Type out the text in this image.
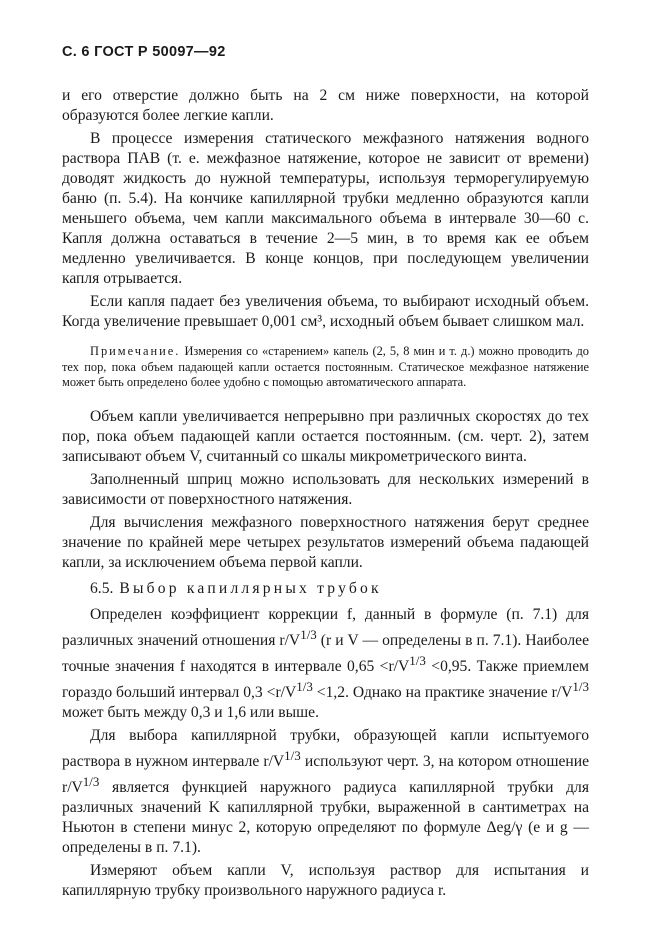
С. 6 ГОСТ Р 50097—92

и его отверстие должно быть на 2 см ниже поверхности, на которой образуются более легкие капли.

В процессе измерения статического межфазного натяжения водного раствора ПАВ (т. е. межфазное натяжение, которое не зависит от времени) доводят жидкость до нужной температуры, используя терморегулируемую баню (п. 5.4). На кончике капиллярной трубки медленно образуются капли меньшего объема, чем капли максимального объема в интервале 30—60 с. Капля должна оставаться в течение 2—5 мин, в то время как ее объем медленно увеличивается. В конце концов, при последующем увеличении капля отрывается.

Если капля падает без увеличения объема, то выбирают исходный объем. Когда увеличение превышает 0,001 см³, исходный объем бывает слишком мал.

Примечание. Измерения со «старением» капель (2, 5, 8 мин и т. д.) можно проводить до тех пор, пока объем падающей капли остается постоянным. Статическое межфазное натяжение может быть определено более удобно с помощью автоматического аппарата.

Объем капли увеличивается непрерывно при различных скоростях до тех пор, пока объем падающей капли остается постоянным. (см. черт. 2), затем записывают объем V, считанный со шкалы микрометрического винта.

Заполненный шприц можно использовать для нескольких измерений в зависимости от поверхностного натяжения.

Для вычисления межфазного поверхностного натяжения берут среднее значение по крайней мере четырех результатов измерений объема падающей капли, за исключением объема первой капли.

6.5. Выбор капиллярных трубок

Определен коэффициент коррекции f, данный в формуле (п. 7.1) для различных значений отношения $r/V^{1/3}$ (r и V — определены в п. 7.1). Наиболее точные значения f находятся в интервале $0,65 <r/V^{1/3} <0,95$. Также приемлем гораздо больший интервал $0,3 <r/V^{1/3} <1,2$. Однако на практике значение $r/V^{1/3}$ может быть между 0,3 и 1,6 или выше.

Для выбора капиллярной трубки, образующей капли испытуемого раствора в нужном интервале $r/V^{1/3}$ используют черт. 3, на котором отношение $r/V^{1/3}$ является функцией наружного радиуса капиллярной трубки для различных значений K капиллярной трубки, выраженной в сантиметрах на Ньютон в степени минус 2, которую определяют по формуле Δeg/γ (e и g — определены в п. 7.1).

Измеряют объем капли V, используя раствор для испытания и капиллярную трубку произвольного наружного радиуса r.
